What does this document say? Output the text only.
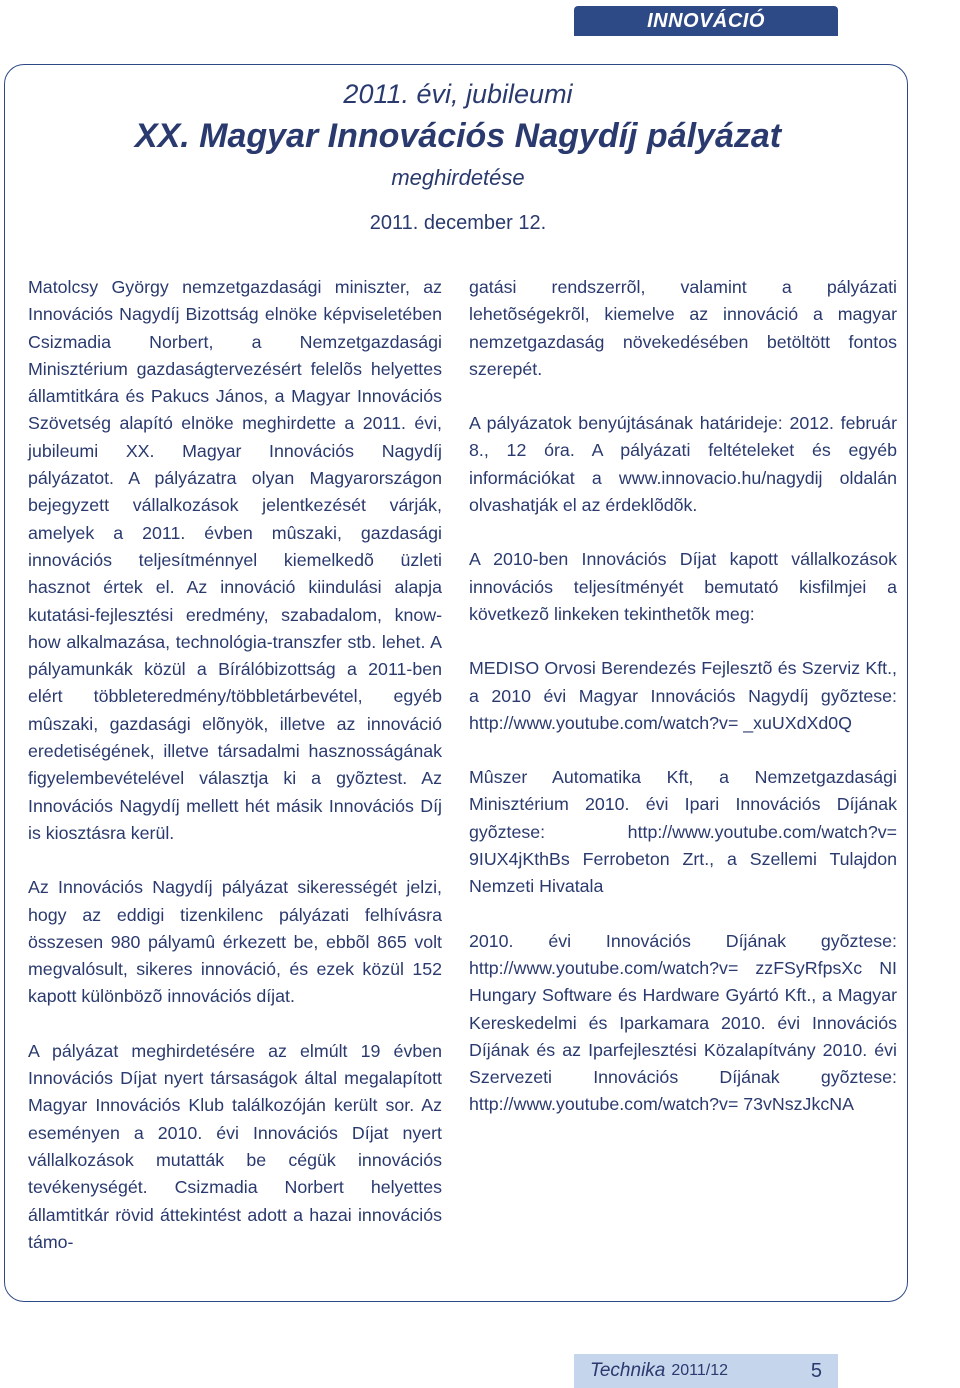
INNOVÁCIÓ

2011. évi, jubileumi

XX. Magyar Innovációs Nagydíj pályázat

meghirdetése

2011. december 12.

Matolcsy György nemzetgazdasági miniszter, az Innovációs Nagydíj Bizottság elnöke képviseletében Csizmadia Norbert, a Nemzetgazdasági Minisztérium gazdaságtervezésért felelõs helyettes államtitkára és Pakucs János, a Magyar Innovációs Szövetség alapító elnöke meghirdette a 2011. évi, jubileumi XX. Magyar Innovációs Nagydíj pályázatot. A pályázatra olyan Magyarországon bejegyzett vállalkozások jelentkezését várják, amelyek a 2011. évben mûszaki, gazdasági innovációs teljesítménnyel kiemelkedõ üzleti hasznot értek el. Az innováció kiindulási alapja kutatási-fejlesztési eredmény, szabadalom, know-how alkalmazása, technológia-transzfer stb. lehet. A pályamunkák közül a Bírálóbizottság a 2011-ben elért többleteredmény/többletárbevétel, egyéb mûszaki, gazdasági elõnyök, illetve az innováció eredetiségének, illetve társadalmi hasznosságának figyelembevételével választja ki a gyõztest. Az Innovációs Nagydíj mellett hét másik Innovációs Díj is kiosztásra kerül.

Az Innovációs Nagydíj pályázat sikerességét jelzi, hogy az eddigi tizenkilenc pályázati felhívásra összesen 980 pályamû érkezett be, ebbõl 865 volt megvalósult, sikeres innováció, és ezek közül 152 kapott különbözõ innovációs díjat.

A pályázat meghirdetésére az elmúlt 19 évben Innovációs Díjat nyert társaságok által megalapított Magyar Innovációs Klub találkozóján került sor. Az eseményen a 2010. évi Innovációs Díjat nyert vállalkozások mutatták be cégük innovációs tevékenységét. Csizmadia Norbert helyettes államtitkár rövid áttekintést adott a hazai innovációs támo-

gatási rendszerrõl, valamint a pályázati lehetõségekrõl, kiemelve az innováció a magyar nemzetgazdaság növekedésében betöltött fontos szerepét.

A pályázatok benyújtásának határideje: 2012. február 8., 12 óra. A pályázati feltételeket és egyéb információkat a www.innovacio.hu/nagydij oldalán olvashatják el az érdeklõdõk.

A 2010-ben Innovációs Díjat kapott vállalkozások innovációs teljesítményét bemutató kisfilmjei a következõ linkeken tekinthetõk meg:

MEDISO Orvosi Berendezés Fejlesztõ és Szerviz Kft., a 2010 évi Magyar Innovációs Nagydíj gyõztese: http://www.youtube.com/watch?v= _xuUXdXd0Q

Mûszer Automatika Kft, a Nemzetgazdasági Minisztérium 2010. évi Ipari Innovációs Díjának gyõztese: http://www.youtube.com/watch?v= 9IUX4jKthBs Ferrobeton Zrt., a Szellemi Tulajdon Nemzeti Hivatala

2010. évi Innovációs Díjának gyõztese: http://www.youtube.com/watch?v= zzFSyRfpsXc NI Hungary Software és Hardware Gyártó Kft., a Magyar Kereskedelmi és Iparkamara 2010. évi Innovációs Díjának és az Iparfejlesztési Közalapítvány 2010. évi Szervezeti Innovációs Díjának gyõztese: http://www.youtube.com/watch?v= 73vNszJkcNA

Technika 2011/12	5
